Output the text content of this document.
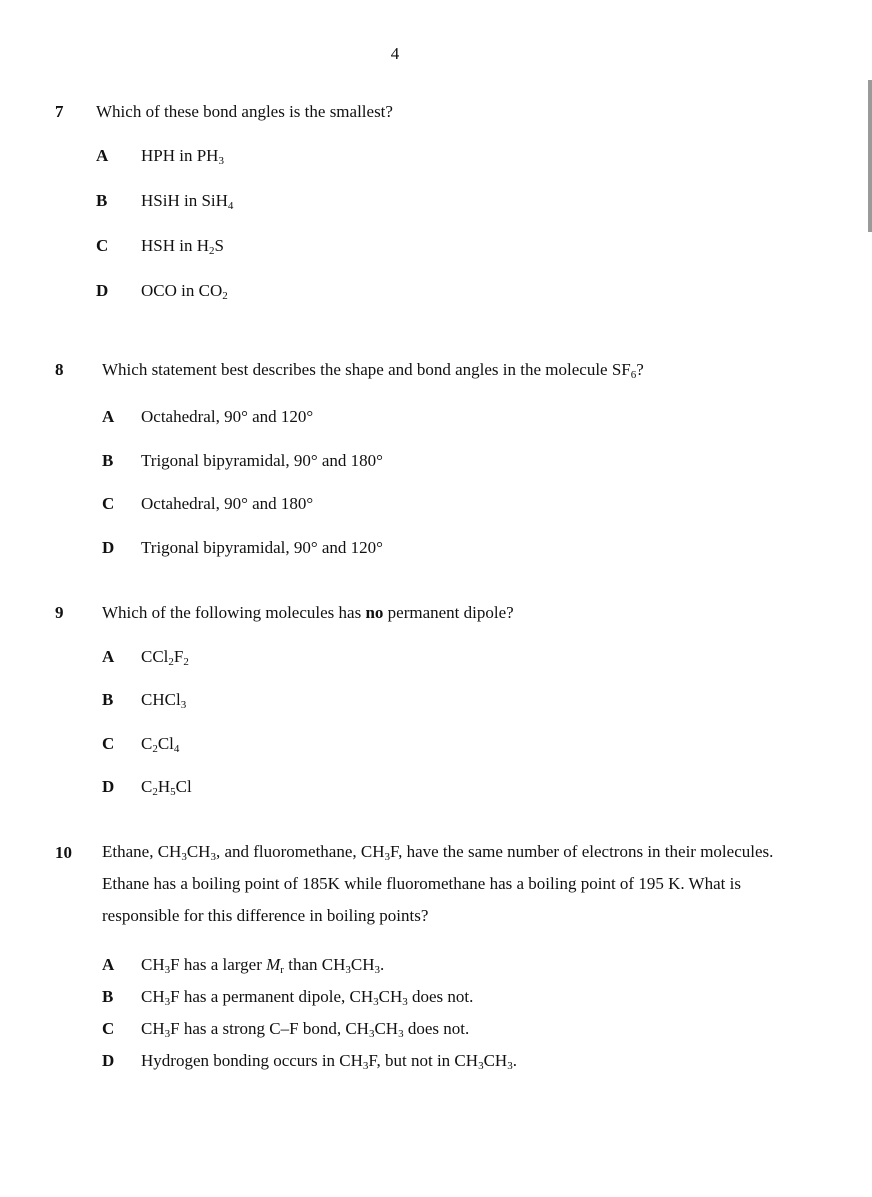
4
7 Which of these bond angles is the smallest?
A HPH in $PH_3$
B HSiH in SiH$_4$
C HSH in $H_2S$
D OCO in $CO_2$
8 Which statement best describes the shape and bond angles in the molecule $SF_6$?
A Octahedral, 90° and 120°
B Trigonal bipyramidal, 90° and 180°
C Octahedral, 90° and 180°
D Trigonal bipyramidal, 90° and 120°
9 Which of the following molecules has no permanent dipole?
A $CCl_2F_2$
B CHCl$_3$
C $C_2Cl_4$
D $C_2H_5Cl$
10 Ethane, $CH_3CH_3$, and fluoromethane, $CH_3F$, have the same number of electrons in their molecules. Ethane has a boiling point of 185K while fluoromethane has a boiling point of 195 K. What is responsible for this difference in boiling points?
A $CH_3F$ has a larger $M_r$ than $CH_3CH_3$.
B $CH_3F$ has a permanent dipole, $CH_3CH_3$ does not.
C $CH_3F$ has a strong C–F bond, $CH_3CH_3$ does not.
D Hydrogen bonding occurs in $CH_3F$, but not in $CH_3CH_3$.
